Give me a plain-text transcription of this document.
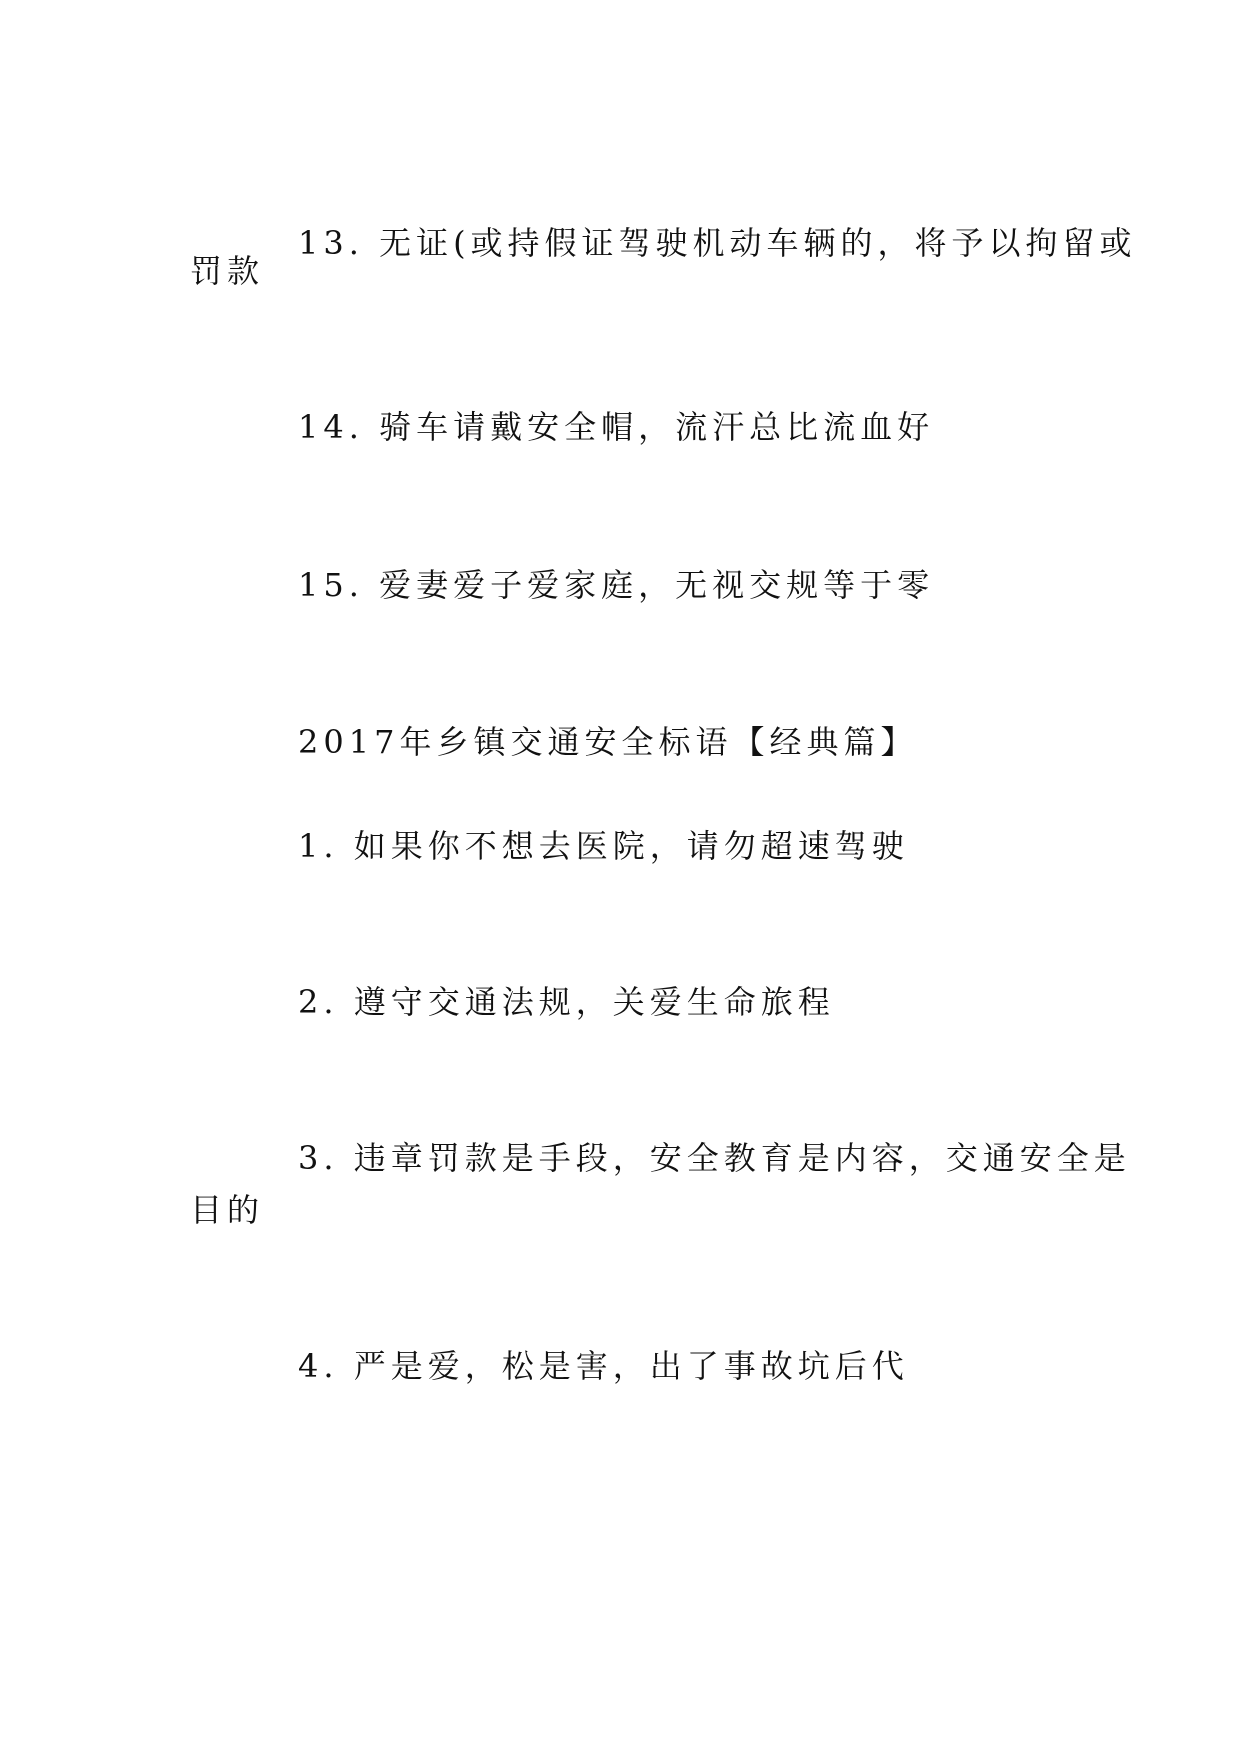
13. 无证(或持假证驾驶机动车辆的，将予以拘留或

罚款

14. 骑车请戴安全帽，流汗总比流血好

15. 爱妻爱子爱家庭，无视交规等于零

2017年乡镇交通安全标语【经典篇】

1. 如果你不想去医院，请勿超速驾驶

2. 遵守交通法规，关爱生命旅程

3. 违章罚款是手段，安全教育是内容，交通安全是

目的

4. 严是爱，松是害，出了事故坑后代
